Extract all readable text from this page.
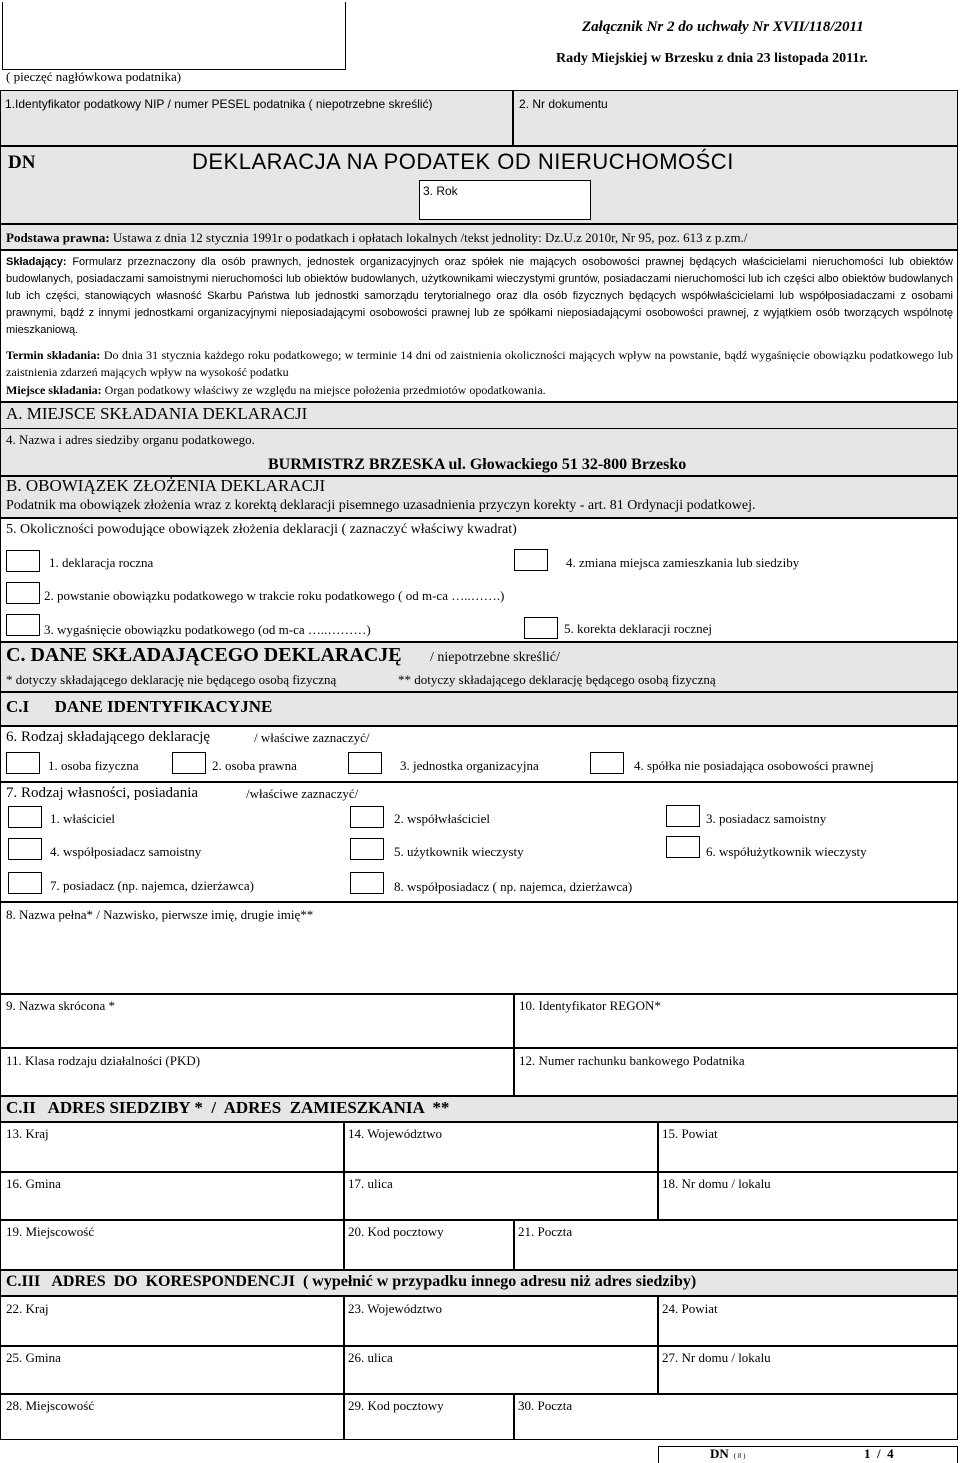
( pieczęć nagłówkowa podatnika)
Załącznik Nr 2 do uchwały Nr XVII/118/2011
Rady Miejskiej w Brzesku z dnia 23 listopada 2011r.
1.Identyfikator podatkowy NIP / numer PESEL podatnika ( niepotrzebne skreślić)	2. Nr dokumentu
DN	DEKLARACJA NA PODATEK OD NIERUCHOMOŚCI
3. Rok
Podstawa prawna: Ustawa z dnia 12 stycznia 1991r o podatkach i opłatach lokalnych /tekst jednolity: Dz.U.z 2010r, Nr 95, poz. 613 z p.zm./
Składający: Formularz przeznaczony dla osób prawnych, jednostek organizacyjnych oraz spółek nie mających osobowości prawnej będących właścicielami nieruchomości lub obiektów budowlanych, posiadaczami samoistnymi nieruchomości lub obiektów budowlanych, użytkownikami wieczystymi gruntów, posiadaczami nieruchomości lub ich części albo obiektów budowlanych lub ich części, stanowiących własność Skarbu Państwa lub jednostki samorządu terytorialnego oraz dla osób fizycznych będących współwłaścicielami lub współposiadaczami z osobami prawnymi, bądź z innymi jednostkami organizacyjnymi nieposiadającymi osobowości prawnej lub ze spółkami nieposiadającymi osobowości prawnej, z wyjątkiem osób tworzących wspólnotę mieszkaniową.
Termin składania: Do dnia 31 stycznia każdego roku podatkowego; w terminie 14 dni od zaistnienia okoliczności mających wpływ na powstanie, bądź wygaśnięcie obowiązku podatkowego lub zaistnienia zdarzeń mających wpływ na wysokość podatku
Miejsce składania: Organ podatkowy właściwy ze względu na miejsce położenia przedmiotów opodatkowania.
A. MIEJSCE SKŁADANIA DEKLARACJI
4. Nazwa i adres siedziby organu podatkowego.
BURMISTRZ BRZESKA ul. Głowackiego 51 32-800 Brzesko
B. OBOWIĄZEK ZŁOŻENIA DEKLARACJI
Podatnik ma obowiązek złożenia wraz z korektą deklaracji pisemnego uzasadnienia przyczyn korekty - art. 81 Ordynacji podatkowej.
5. Okoliczności powodujące obowiązek złożenia deklaracji ( zaznaczyć właściwy kwadrat)
1. deklaracja roczna	4. zmiana miejsca zamieszkania lub siedziby
2. powstanie obowiązku podatkowego w trakcie roku podatkowego ( od m-ca …..…….)
3. wygaśnięcie obowiązku podatkowego (od m-ca …..………)	5. korekta deklaracji rocznej
C. DANE SKŁADAJĄCEGO DEKLARACJĘ / niepotrzebne skreślić/
* dotyczy składającego deklarację nie będącego osobą fizyczną	** dotyczy składającego deklarację będącego osobą fizyczną
C.I      DANE IDENTYFIKACYJNE
6. Rodzaj składającego deklarację	/ właściwe zaznaczyć/
1. osoba fizyczna	2. osoba prawna	3. jednostka organizacyjna	4. spółka nie posiadająca osobowości prawnej
7. Rodzaj własności, posiadania	/właściwe zaznaczyć/
1. właściciel	2. współwłaściciel	3. posiadacz samoistny
4. współposiadacz samoistny	5. użytkownik wieczysty	6. współużytkownik wieczysty
7. posiadacz (np. najemca, dzierżawca)	8. współposiadacz ( np. najemca, dzierżawca)
8. Nazwa pełna* / Nazwisko, pierwsze imię, drugie imię**
9. Nazwa skrócona *	10. Identyfikator REGON*
11. Klasa rodzaju działalności (PKD)	12. Numer rachunku bankowego Podatnika
C.II   ADRES SIEDZIBY *  /  ADRES  ZAMIESZKANIA  **
13. Kraj	14. Województwo	15. Powiat
16. Gmina	17. ulica	18. Nr domu / lokalu
19. Miejscowość	20. Kod pocztowy	21. Poczta
C.III   ADRES  DO  KORESPONDENCJI  ( wypełnić w przypadku innego adresu niż adres siedziby)
22. Kraj	23. Województwo	24. Powiat
25. Gmina	26. ulica	27. Nr domu / lokalu
28. Miejscowość	29. Kod pocztowy	30. Poczta
DN ( 8 )	1  /  4
